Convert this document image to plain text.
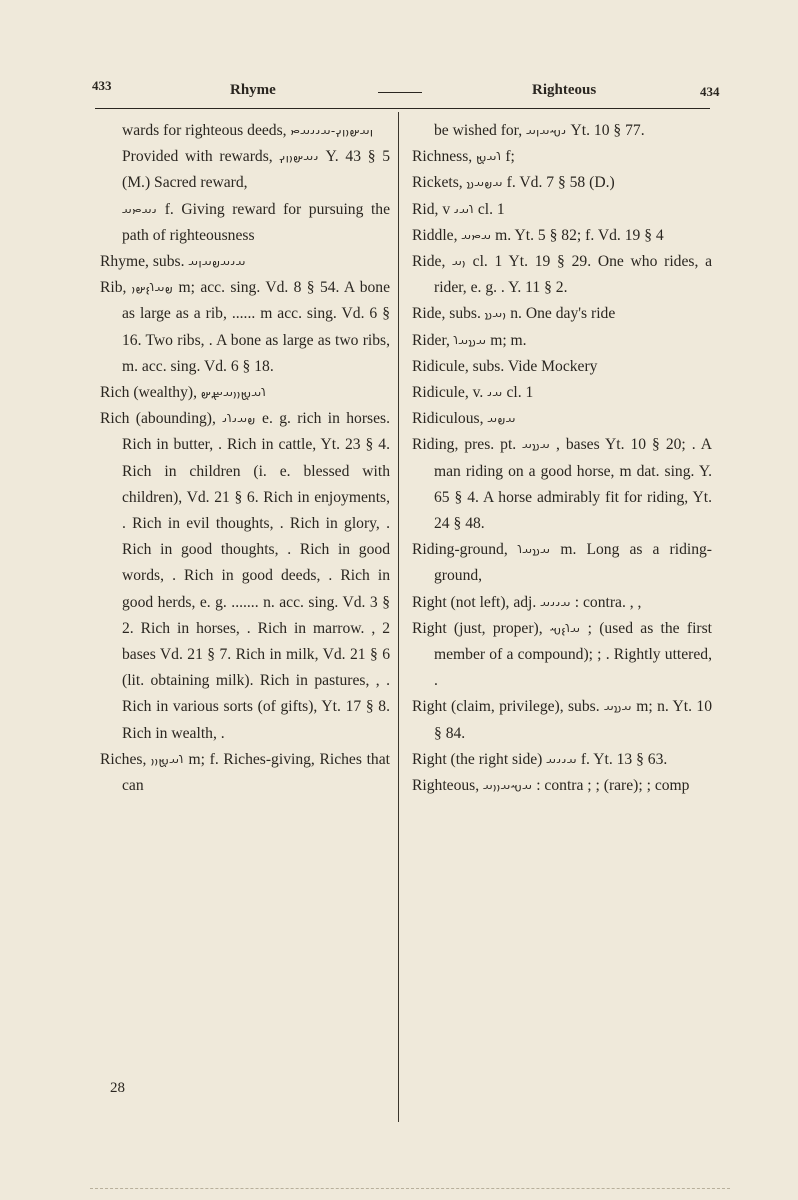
433	Rhyme	Righteous	434

wards for righteous deeds, 𐬥𐬀𐬵𐬎𐬥𐬍-𐬀𐬌𐬌𐬀𐬙

Provided with rewards, 𐬌𐬀𐬵𐬎𐬥𐬍 Y. 43 § 5 (M.) Sacred reward,

𐬌𐬀𐬙𐬀 f. Giving reward for pursuing the path of righteousness

Rhyme, subs. 𐬀𐬌𐬀𐬞𐬀𐬥𐬀

Rib, 𐬞𐬀𐬭𐬆𐬵𐬎 m; acc. sing. Vd. 8 § 54. A bone as large as a rib, ...... m acc. sing. Vd. 6 § 16. Two ribs, . A bone as large as two ribs, m. acc. sing. Vd. 6 § 18.

Rich (wealthy), 𐬭𐬀𐬉𐬎𐬎𐬀𐬧𐬵

Rich (abounding), 𐬞𐬀𐬌𐬭𐬌 e. g. rich in horses. Rich in butter, . Rich in cattle, Yt. 23 § 4. Rich in children (i. e. blessed with children), Vd. 21 § 6. Rich in enjoyments, . Rich in evil thoughts, . Rich in glory, . Rich in good thoughts, . Rich in good words, . Rich in good deeds, . Rich in good herds, e. g. ....... n. acc. sing. Vd. 3 § 2. Rich in horses, . Rich in marrow. , 2 bases Vd. 21 § 7. Rich in milk, Vd. 21 § 6 (lit. obtaining milk). Rich in pastures, , . Rich in various sorts (of gifts), Yt. 17 § 8. Rich in wealth, .

Riches, 𐬭𐬀𐬉𐬎𐬎 m; f. Riches-giving, Riches that can

be wished for, 𐬌𐬱𐬀𐬥𐬀 Yt. 10 § 77.

Richness, 𐬭𐬀𐬉 f;

Rickets, 𐬀𐬞𐬀𐬯 f. Vd. 7 § 58 (D.)

Rid, v 𐬭𐬀𐬌 cl. 1

Riddle, 𐬀𐬙𐬀 m. Yt. 5 § 82; f. Vd. 19 § 4

Ride, 𐬎𐬀 cl. 1 Yt. 19 § 29. One who rides, a rider, e. g. . Y. 11 § 2.

Ride, subs. 𐬎𐬀𐬯 n. One day's ride

Rider, 𐬀𐬯𐬀𐬭 m; m.

Ridicule, subs. Vide Mockery

Ridicule, v. 𐬀𐬌 cl. 1

Ridiculous, 𐬀𐬞𐬀

Riding, pres. pt. 𐬀𐬯𐬀 , bases Yt. 10 § 20; . A man riding on a good horse, m dat. sing. Y. 65 § 4. A horse admirably fit for riding, Yt. 24 § 48.

Riding-ground, 𐬀𐬯𐬀𐬭 m. Long as a riding-ground,

Right (not left), adj. 𐬀𐬌𐬌𐬀 : contra. , ,

Right (just, proper), 𐬀𐬭𐬆𐬱 ; (used as the first member of a compound); ; . Rightly uttered, .

Right (claim, privilege), subs. 𐬀𐬯𐬀 m; n. Yt. 10 § 84.

Right (the right side) 𐬀𐬌𐬌𐬀 f. Yt. 13 § 63.

Righteous, 𐬀𐬱𐬀𐬎𐬎𐬀 : contra ; ; (rare); ; comp

28
